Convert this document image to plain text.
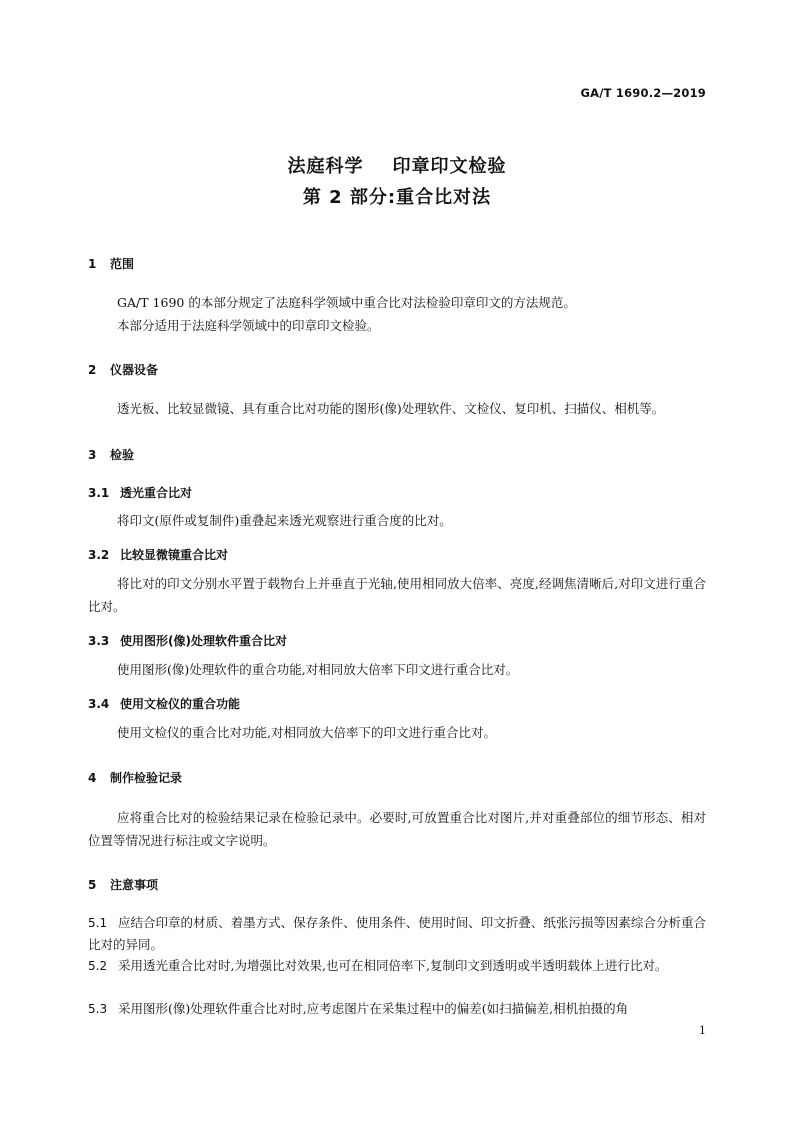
GA/T 1690.2—2019
法庭科学    印章印文检验
第 2 部分:重合比对法
1 范围

GA/T 1690 的本部分规定了法庭科学领域中重合比对法检验印章印文的方法规范。

本部分适用于法庭科学领域中的印章印文检验。

2 仪器设备

透光板、比较显微镜、具有重合比对功能的图形(像)处理软件、文检仪、复印机、扫描仪、相机等。

3 检验
3.1 透光重合比对

将印文(原件或复制件)重叠起来透光观察进行重合度的比对。

3.2 比较显微镜重合比对

将比对的印文分别水平置于载物台上并垂直于光轴,使用相同放大倍率、亮度,经调焦清晰后,对印文进行重合比对。

3.3 使用图形(像)处理软件重合比对

使用图形(像)处理软件的重合功能,对相同放大倍率下印文进行重合比对。

3.4 使用文检仪的重合功能

使用文检仪的重合比对功能,对相同放大倍率下的印文进行重合比对。

4 制作检验记录

应将重合比对的检验结果记录在检验记录中。必要时,可放置重合比对图片,并对重叠部位的细节形态、相对位置等情况进行标注或文字说明。

5 注意事项

5.1 应结合印章的材质、着墨方式、保存条件、使用条件、使用时间、印文折叠、纸张污损等因素综合分析重合比对的异同。

5.2 采用透光重合比对时,为增强比对效果,也可在相同倍率下,复制印文到透明或半透明载体上进行比对。

5.3 采用图形(像)处理软件重合比对时,应考虑图片在采集过程中的偏差(如扫描偏差,相机拍摄的角

1
